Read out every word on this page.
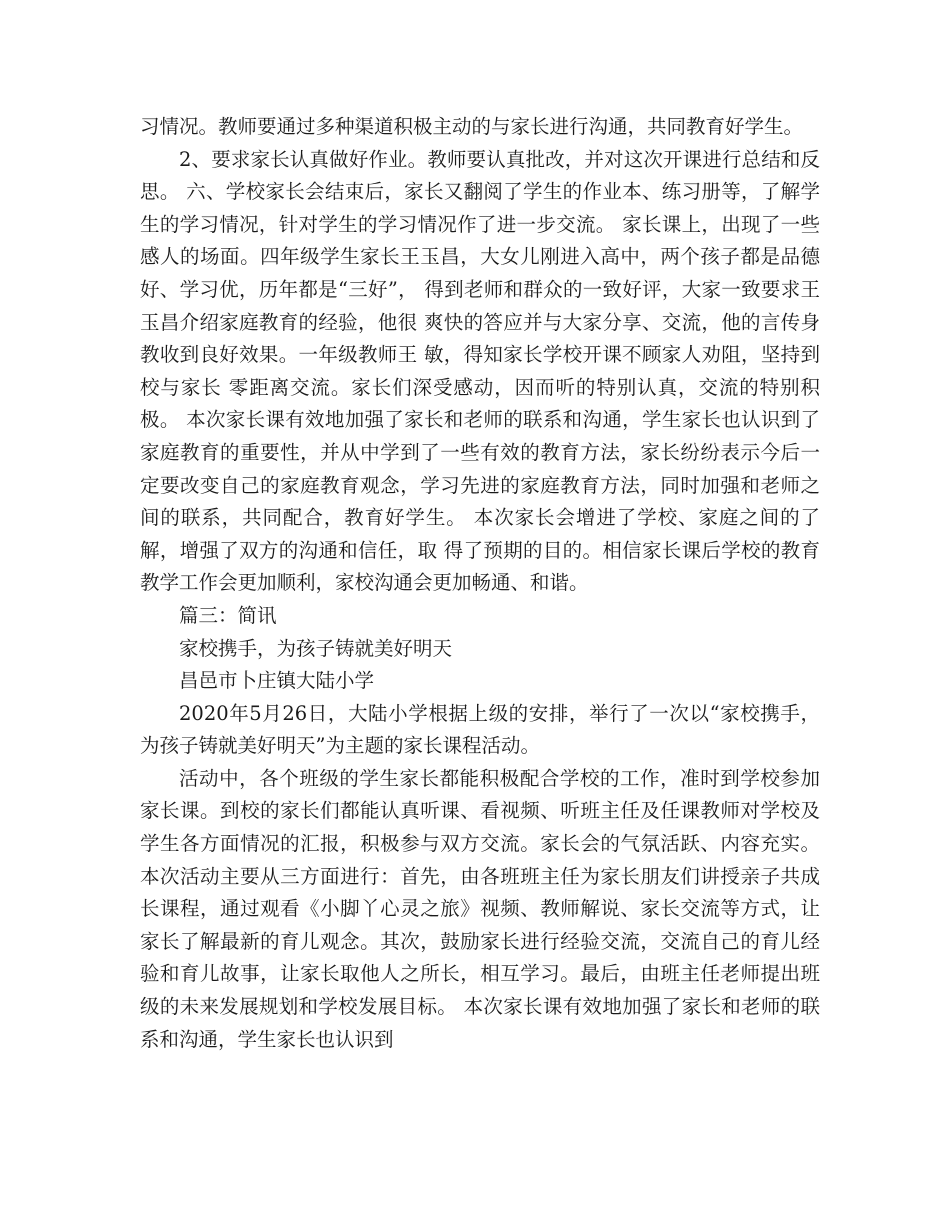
习情况。教师要通过多种渠道积极主动的与家长进行沟通，共同教育好学生。

2、要求家长认真做好作业。教师要认真批改，并对这次开课进行总结和反思。 六、学校家长会结束后，家长又翻阅了学生的作业本、练习册等，了解学 生的学习情况，针对学生的学习情况作了进一步交流。 家长课上，出现了一些感人的场面。四年级学生家长王玉昌，大女儿刚进入高中，两个孩子都是品德好、学习优，历年都是“三好”， 得到老师和群众的一致好评，大家一致要求王玉昌介绍家庭教育的经验，他很 爽快的答应并与大家分享、交流，他的言传身教收到良好效果。一年级教师王 敏，得知家长学校开课不顾家人劝阻，坚持到校与家长 零距离交流。家长们深受感动，因而听的特别认真，交流的特别积极。 本次家长课有效地加强了家长和老师的联系和沟通，学生家长也认识到了 家庭教育的重要性，并从中学到了一些有效的教育方法，家长纷纷表示今后一 定要改变自己的家庭教育观念，学习先进的家庭教育方法，同时加强和老师之 间的联系，共同配合，教育好学生。 本次家长会增进了学校、家庭之间的了解，增强了双方的沟通和信任，取 得了预期的目的。相信家长课后学校的教育教学工作会更加顺利，家校沟通会更加畅通、和谐。

篇三：简讯

家校携手，为孩子铸就美好明天

昌邑市卜庄镇大陆小学

2020年5月26日，大陆小学根据上级的安排，举行了一次以“家校携手，为孩子铸就美好明天”为主题的家长课程活动。

活动中，各个班级的学生家长都能积极配合学校的工作，准时到学校参加家长课。到校的家长们都能认真听课、看视频、听班主任及任课教师对学校及学生各方面情况的汇报，积极参与双方交流。家长会的气氛活跃、内容充实。 本次活动主要从三方面进行：首先，由各班班主任为家长朋友们讲授亲子共成长课程，通过观看《小脚丫心灵之旅》视频、教师解说、家长交流等方式，让家长了解最新的育儿观念。其次，鼓励家长进行经验交流，交流自己的育儿经验和育儿故事，让家长取他人之所长，相互学习。最后，由班主任老师提出班级的未来发展规划和学校发展目标。 本次家长课有效地加强了家长和老师的联系和沟通，学生家长也认识到
